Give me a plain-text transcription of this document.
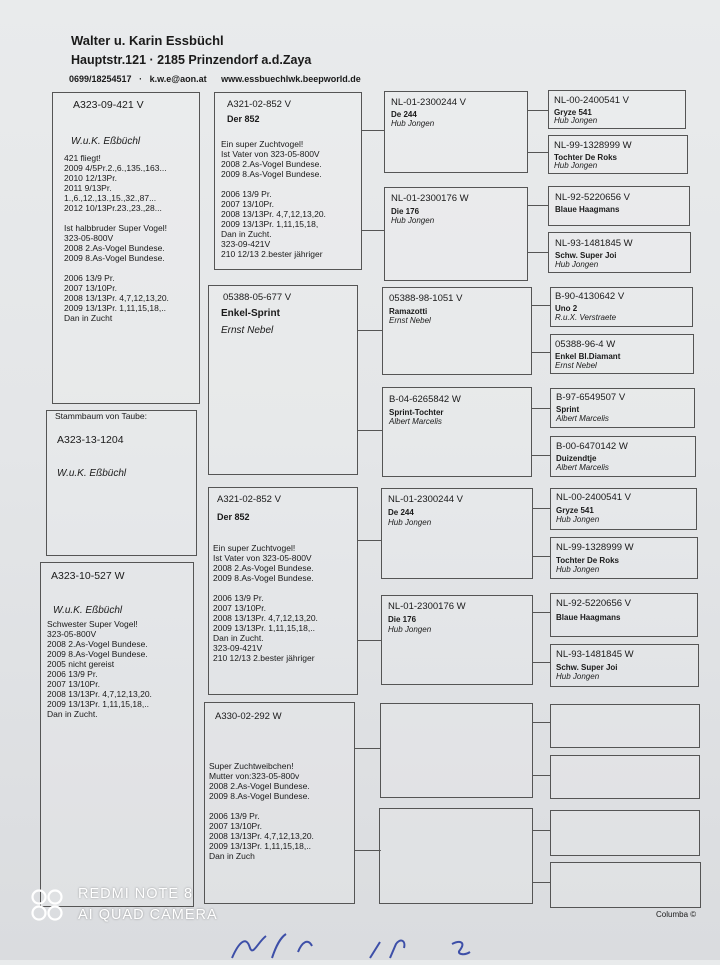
Walter u. Karin Essbüchl
Hauptstr.121 · 2185 Prinzendorf a.d.Zaya
0699/18254517 · k.w.e@aon.at www.essbuechlwk.beepworld.de
A323-09-421 V
W.u.K. Eßbüchl

421 fliegt!

2009 4/5Pr.2.,6.,135.,163...

2010 12/13Pr.

2011 9/13Pr.

1.,6.,12.,13.,15.,32.,87...

2012 10/13Pr.23.,23.,28...

Ist halbbruder Super Vogel!

323-05-800V

2008 2.As-Vogel Bundese.

2009 8.As-Vogel Bundese.

2006 13/9 Pr.

2007 13/10Pr.

2008 13/13Pr. 4,7,12,13,20.

2009 13/13Pr. 1,11,15,18,..

Dan in Zucht

Stammbaum von Taube:
A323-13-1204
W.u.K. Eßbüchl
A323-10-527 W
W.u.K. Eßbüchl

Schwester Super Vogel!

323-05-800V

2008 2.As-Vogel Bundese.

2009 8.As-Vogel Bundese.

2005 nicht gereist

2006 13/9 Pr.

2007 13/10Pr.

2008 13/13Pr. 4,7,12,13,20.

2009 13/13Pr. 1,11,15,18,..

Dan in Zucht.

A321-02-852 V
Der 852

Ein super Zuchtvogel!

Ist Vater von 323-05-800V

2008 2.As-Vogel Bundese.

2009 8.As-Vogel Bundese.

2006 13/9 Pr.

2007 13/10Pr.

2008 13/13Pr. 4,7,12,13,20.

2009 13/13Pr. 1,11,15,18,

Dan in Zucht.

323-09-421V

210 12/13 2.bester jähriger

05388-05-677 V
Enkel-Sprint
Ernst Nebel
A321-02-852 V
Der 852

Ein super Zuchtvogel!

Ist Vater von 323-05-800V

2008 2.As-Vogel Bundese.

2009 8.As-Vogel Bundese.

2006 13/9 Pr.

2007 13/10Pr.

2008 13/13Pr. 4,7,12,13,20.

2009 13/13Pr. 1,11,15,18,..

Dan in Zucht.

323-09-421V

210 12/13 2.bester jähriger

A330-02-292 W

Super Zuchtweibchen!

Mutter von:323-05-800v

2008 2.As-Vogel Bundese.

2009 8.As-Vogel Bundese.

2006 13/9 Pr.

2007 13/10Pr.

2008 13/13Pr. 4,7,12,13,20.

2009 13/13Pr. 1,11,15,18,..

Dan in Zuch

NL-01-2300244 V
De 244
Hub Jongen
NL-01-2300176 W
Die 176
Hub Jongen
05388-98-1051 V
Ramazotti
Ernst Nebel
B-04-6265842 W
Sprint-Tochter
Albert Marcelis
NL-01-2300244 V
De 244
Hub Jongen
NL-01-2300176 W
Die 176
Hub Jongen
NL-00-2400541 V
Gryze 541
Hub Jongen
NL-99-1328999 W
Tochter De Roks
Hub Jongen
NL-92-5220656 V
Blaue Haagmans
NL-93-1481845 W
Schw. Super Joi
Hub Jongen
B-90-4130642 V
Uno 2
R.u.X. Verstraete
05388-96-4 W
Enkel Bl.Diamant
Ernst Nebel
B-97-6549507 V
Sprint
Albert Marcelis
B-00-6470142 W
Duizendtje
Albert Marcelis
NL-00-2400541 V
Gryze 541
Hub Jongen
NL-99-1328999 W
Tochter De Roks
Hub Jongen
NL-92-5220656 V
Blaue Haagmans
NL-93-1481845 W
Schw. Super Joi
Hub Jongen
Columba ©
REDMI NOTE 8
AI QUAD CAMERA
